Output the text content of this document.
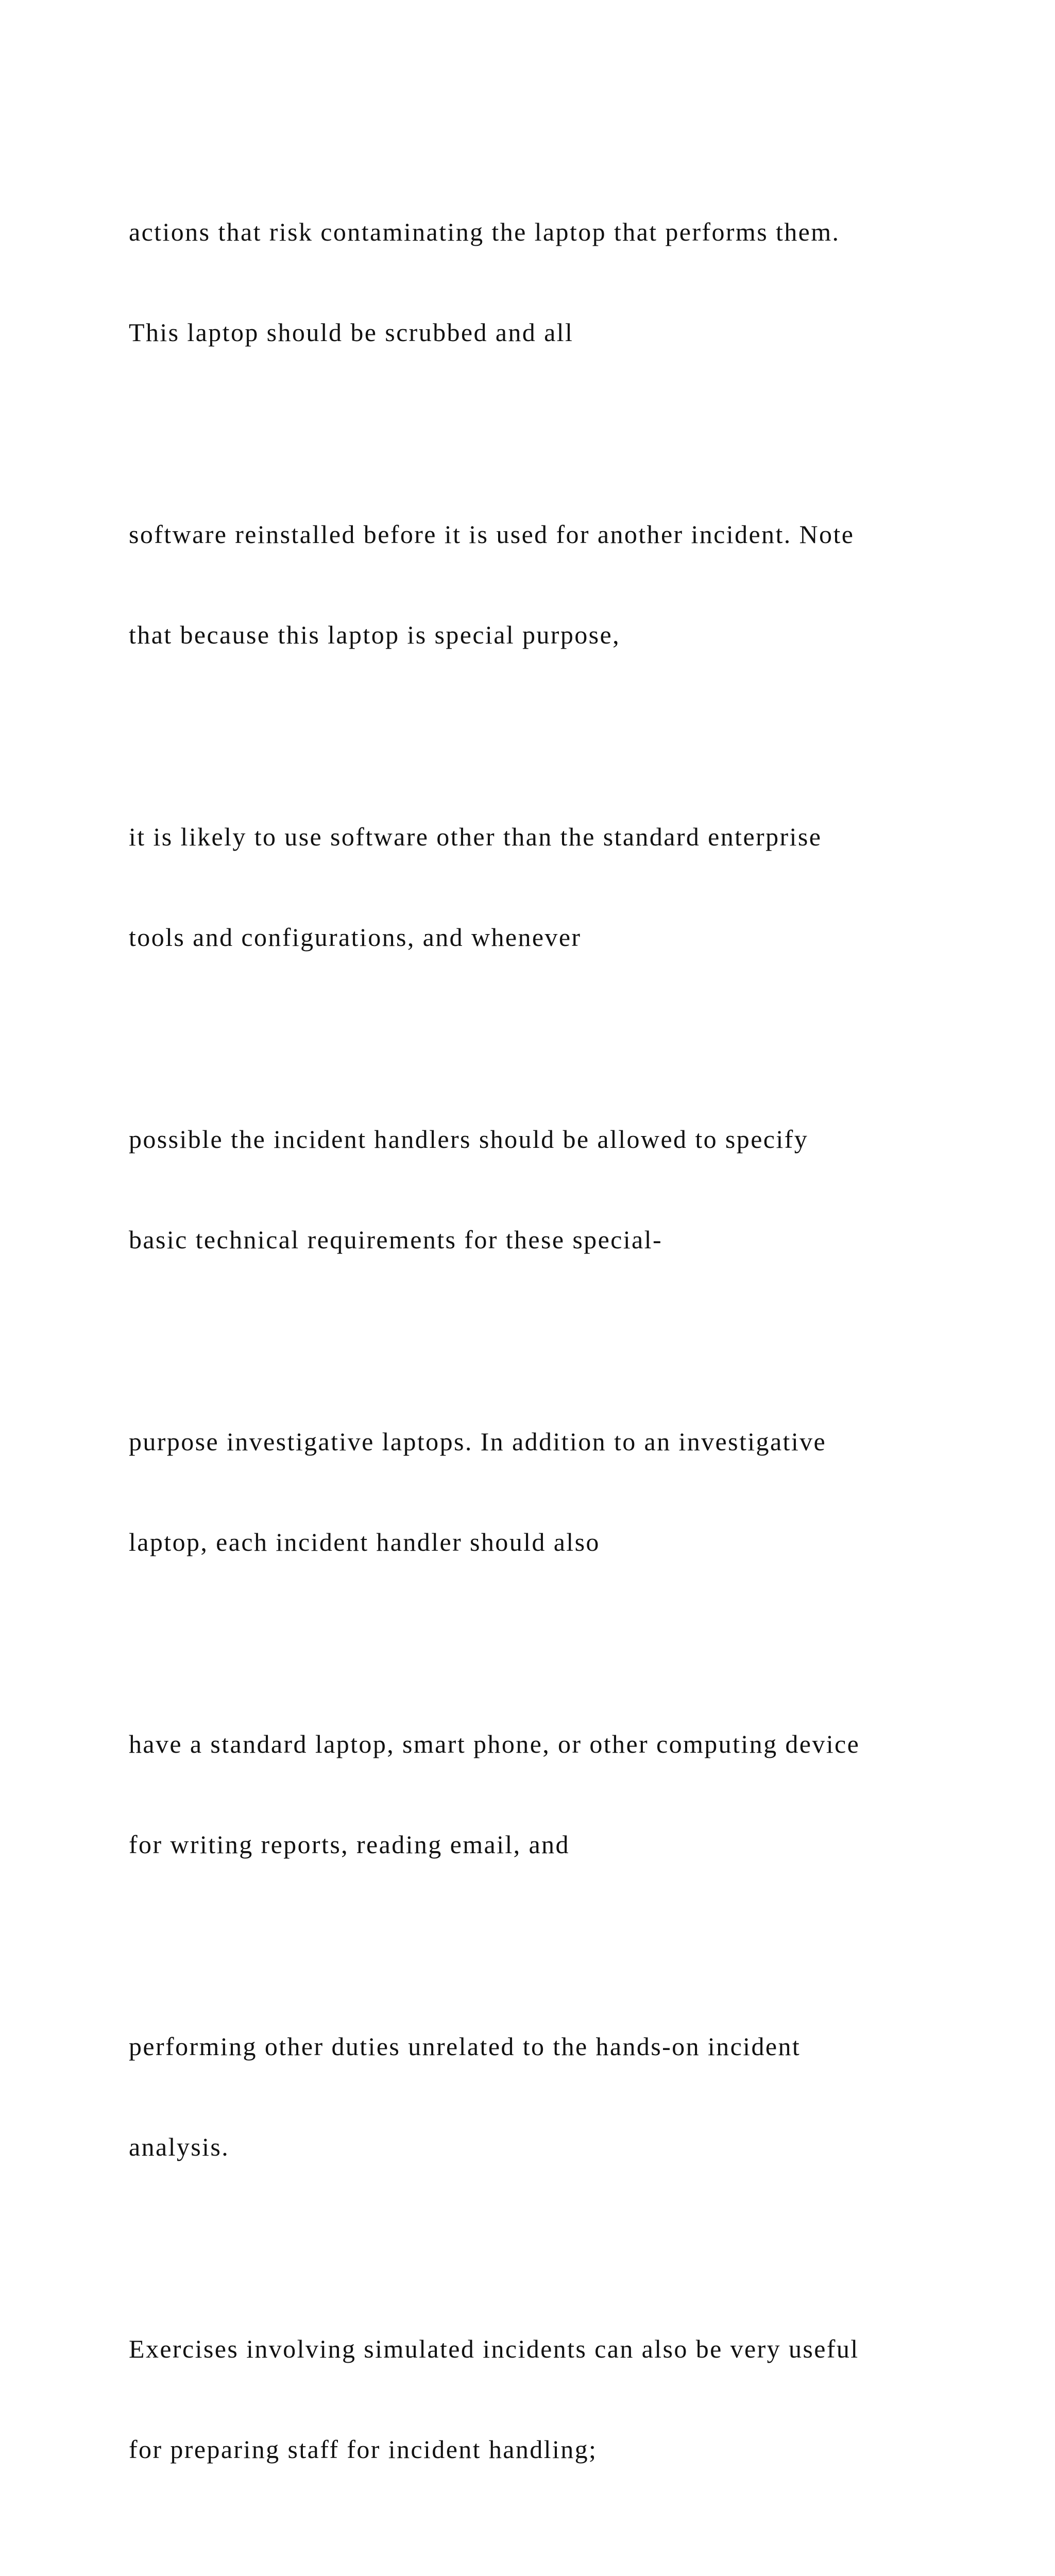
actions that risk contaminating the laptop that performs them.

This laptop should be scrubbed and all

software reinstalled before it is used for another incident. Note

that because this laptop is special purpose,

it is likely to use software other than the standard enterprise

tools and configurations, and whenever

possible the incident handlers should be allowed to specify

basic technical requirements for these special-

purpose investigative laptops. In addition to an investigative

laptop, each incident handler should also

have a standard laptop, smart phone, or other computing device

for writing reports, reading email, and

performing other duties unrelated to the hands-on incident

analysis.

Exercises involving simulated incidents can also be very useful

for preparing staff for incident handling;
